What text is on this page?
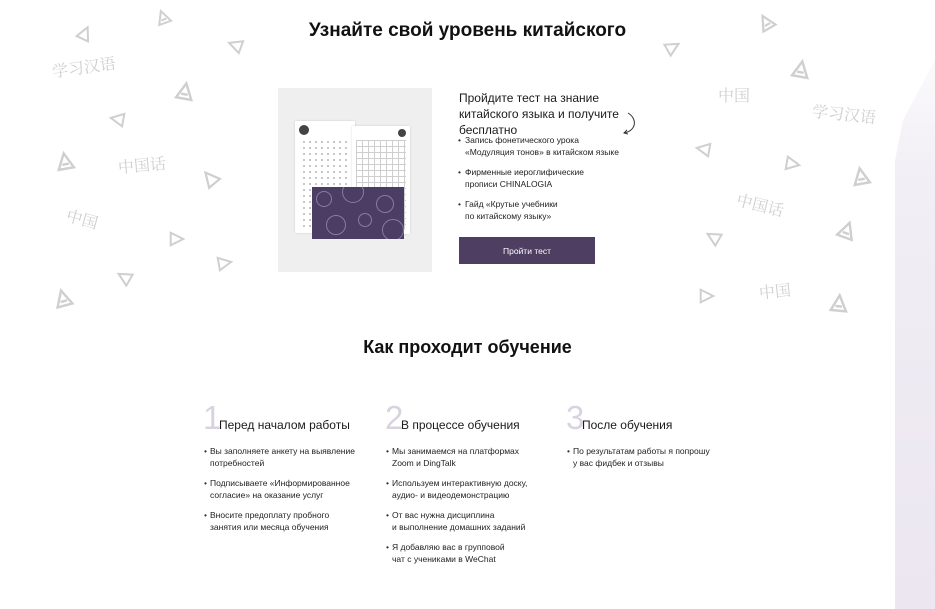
学习汉语
中国话
中国
中国
学习汉语
中国话
中国
Узнайте свой уровень китайского

Пройдите тест на знание китайского языка и получите бесплатно

• Запись фонетического урока
«Модуляция тонов» в китайском языке
• Фирменные иероглифические
прописи CHINALOGIA
• Гайд «Крутые учебники
по китайскому языку»
Пройти тест
Как проходит обучение
1
Перед началом работы
• Вы заполняете анкету на выявление
потребностей
• Подписываете «Информированное
согласие» на оказание услуг
• Вносите предоплату пробного
занятия или месяца обучения
2
В процессе обучения
• Мы занимаемся на платформах
Zoom и DingTalk
• Используем интерактивную доску,
аудио- и видеодемонстрацию
• От вас нужна дисциплина
и выполнение домашних заданий
• Я добавляю вас в групповой
чат с учениками в WeChat
3
После обучения
• По результатам работы я попрошу
у вас фидбек и отзывы
